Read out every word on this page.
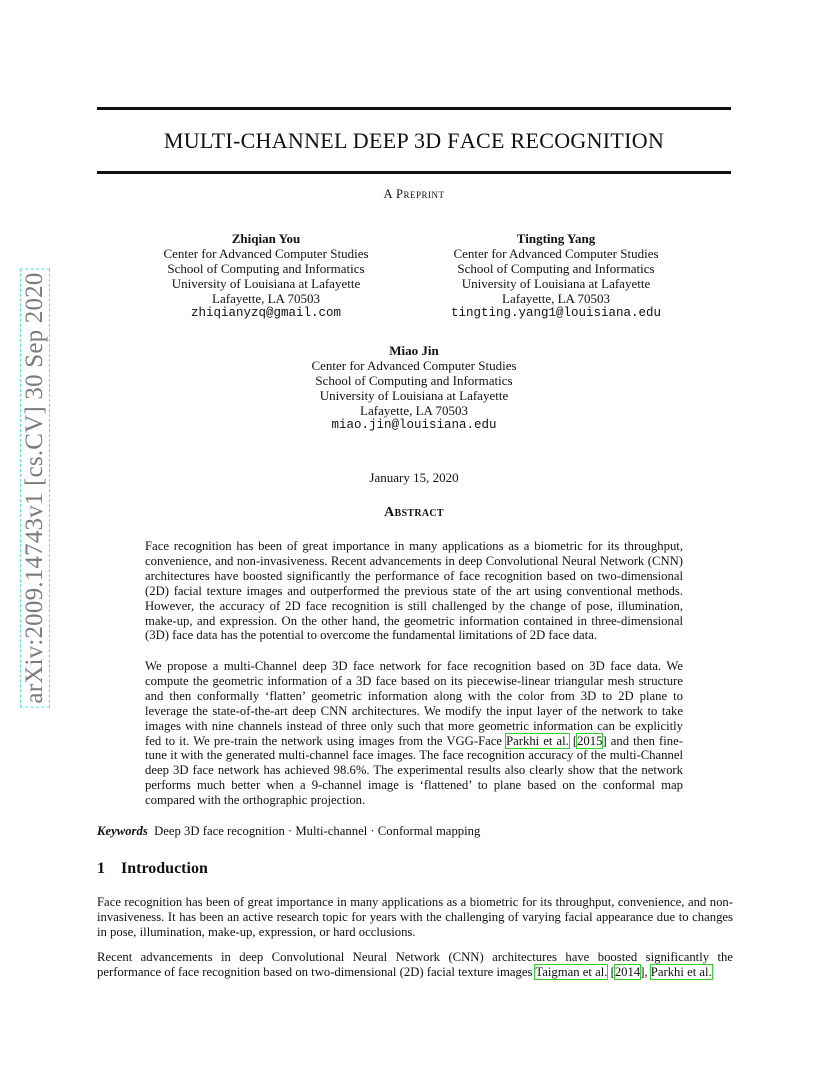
arXiv:2009.14743v1 [cs.CV] 30 Sep 2020
MULTI-CHANNEL DEEP 3D FACE RECOGNITION
A Preprint
Zhiqian You
Center for Advanced Computer Studies
School of Computing and Informatics
University of Louisiana at Lafayette
Lafayette, LA 70503
zhiqianyzq@gmail.com
Tingting Yang
Center for Advanced Computer Studies
School of Computing and Informatics
University of Louisiana at Lafayette
Lafayette, LA 70503
tingting.yang1@louisiana.edu
Miao Jin
Center for Advanced Computer Studies
School of Computing and Informatics
University of Louisiana at Lafayette
Lafayette, LA 70503
miao.jin@louisiana.edu
January 15, 2020
Abstract
Face recognition has been of great importance in many applications as a biometric for its throughput, convenience, and non-invasiveness. Recent advancements in deep Convolutional Neural Network (CNN) architectures have boosted significantly the performance of face recognition based on two-dimensional (2D) facial texture images and outperformed the previous state of the art using conventional methods. However, the accuracy of 2D face recognition is still challenged by the change of pose, illumination, make-up, and expression. On the other hand, the geometric information contained in three-dimensional (3D) face data has the potential to overcome the fundamental limitations of 2D face data.
We propose a multi-Channel deep 3D face network for face recognition based on 3D face data. We compute the geometric information of a 3D face based on its piecewise-linear triangular mesh structure and then conformally ‘flatten’ geometric information along with the color from 3D to 2D plane to leverage the state-of-the-art deep CNN architectures. We modify the input layer of the network to take images with nine channels instead of three only such that more geometric information can be explicitly fed to it. We pre-train the network using images from the VGG-Face Parkhi et al. [2015] and then fine-tune it with the generated multi-channel face images. The face recognition accuracy of the multi-Channel deep 3D face network has achieved 98.6%. The experimental results also clearly show that the network performs much better when a 9-channel image is ‘flattened’ to plane based on the conformal map compared with the orthographic projection.
Keywords Deep 3D face recognition · Multi-channel · Conformal mapping
1 Introduction
Face recognition has been of great importance in many applications as a biometric for its throughput, convenience, and non-invasiveness. It has been an active research topic for years with the challenging of varying facial appearance due to changes in pose, illumination, make-up, expression, or hard occlusions.
Recent advancements in deep Convolutional Neural Network (CNN) architectures have boosted significantly the performance of face recognition based on two-dimensional (2D) facial texture images Taigman et al. [2014], Parkhi et al.
